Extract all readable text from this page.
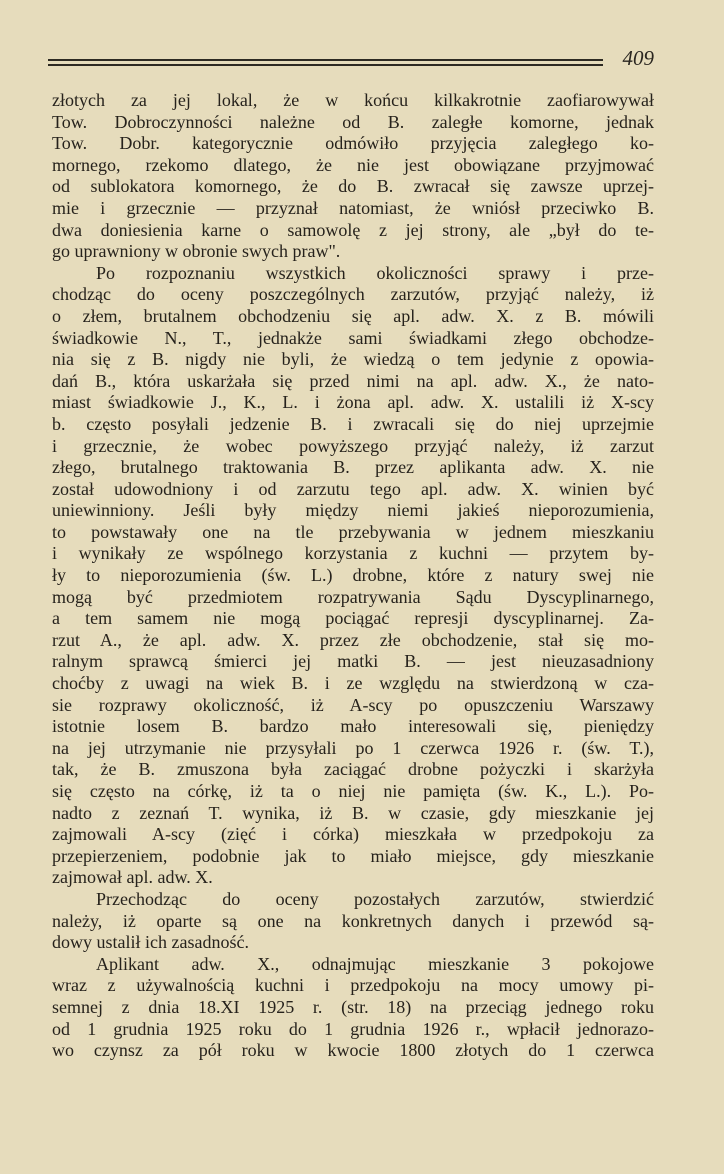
409
złotych za jej lokal, że w końcu kilkakrotnie zaofiarowywał
Tow. Dobroczynności należne od B. zaległe komorne, jednak
Tow. Dobr. kategorycznie odmówiło przyjęcia zaległego ko-
mornego, rzekomo dlatego, że nie jest obowiązane przyjmować
od sublokatora komornego, że do B. zwracał się zawsze uprzej-
mie i grzecznie — przyznał natomiast, że wniósł przeciwko B.
dwa doniesienia karne o samowolę z jej strony, ale „był do te-
go uprawniony w obronie swych praw".
Po rozpoznaniu wszystkich okoliczności sprawy i prze-
chodząc do oceny poszczególnych zarzutów, przyjąć należy, iż
o złem, brutalnem obchodzeniu się apl. adw. X. z B. mówili
świadkowie N., T., jednakże sami świadkami złego obchodze-
nia się z B. nigdy nie byli, że wiedzą o tem jedynie z opowia-
dań B., która uskarżała się przed nimi na apl. adw. X., że nato-
miast świadkowie J., K., L. i żona apl. adw. X. ustalili iż X-scy
b. często posyłali jedzenie B. i zwracali się do niej uprzejmie
i grzecznie, że wobec powyższego przyjąć należy, iż zarzut
złego, brutalnego traktowania B. przez aplikanta adw. X. nie
został udowodniony i od zarzutu tego apl. adw. X. winien być
uniewinniony. Jeśli były między niemi jakieś nieporozumienia,
to powstawały one na tle przebywania w jednem mieszkaniu
i wynikały ze wspólnego korzystania z kuchni — przytem by-
ły to nieporozumienia (św. L.) drobne, które z natury swej nie
mogą być przedmiotem rozpatrywania Sądu Dyscyplinarnego,
a tem samem nie mogą pociągać represji dyscyplinarnej. Za-
rzut A., że apl. adw. X. przez złe obchodzenie, stał się mo-
ralnym sprawcą śmierci jej matki B. — jest nieuzasadniony
choćby z uwagi na wiek B. i ze względu na stwierdzoną w cza-
sie rozprawy okoliczność, iż A-scy po opuszczeniu Warszawy
istotnie losem B. bardzo mało interesowali się, pieniędzy
na jej utrzymanie nie przysyłali po 1 czerwca 1926 r. (św. T.),
tak, że B. zmuszona była zaciągać drobne pożyczki i skarżyła
się często na córkę, iż ta o niej nie pamięta (św. K., L.). Po-
nadto z zeznań T. wynika, iż B. w czasie, gdy mieszkanie jej
zajmowali A-scy (zięć i córka) mieszkała w przedpokoju za
przepierzeniem, podobnie jak to miało miejsce, gdy mieszkanie
zajmował apl. adw. X.
Przechodząc do oceny pozostałych zarzutów, stwierdzić
należy, iż oparte są one na konkretnych danych i przewód są-
dowy ustalił ich zasadność.
Aplikant adw. X., odnajmując mieszkanie 3 pokojowe
wraz z używalnością kuchni i przedpokoju na mocy umowy pi-
semnej z dnia 18.XI 1925 r. (str. 18) na przeciąg jednego roku
od 1 grudnia 1925 roku do 1 grudnia 1926 r., wpłacił jednorazo-
wo czynsz za pół roku w kwocie 1800 złotych do 1 czerwca
